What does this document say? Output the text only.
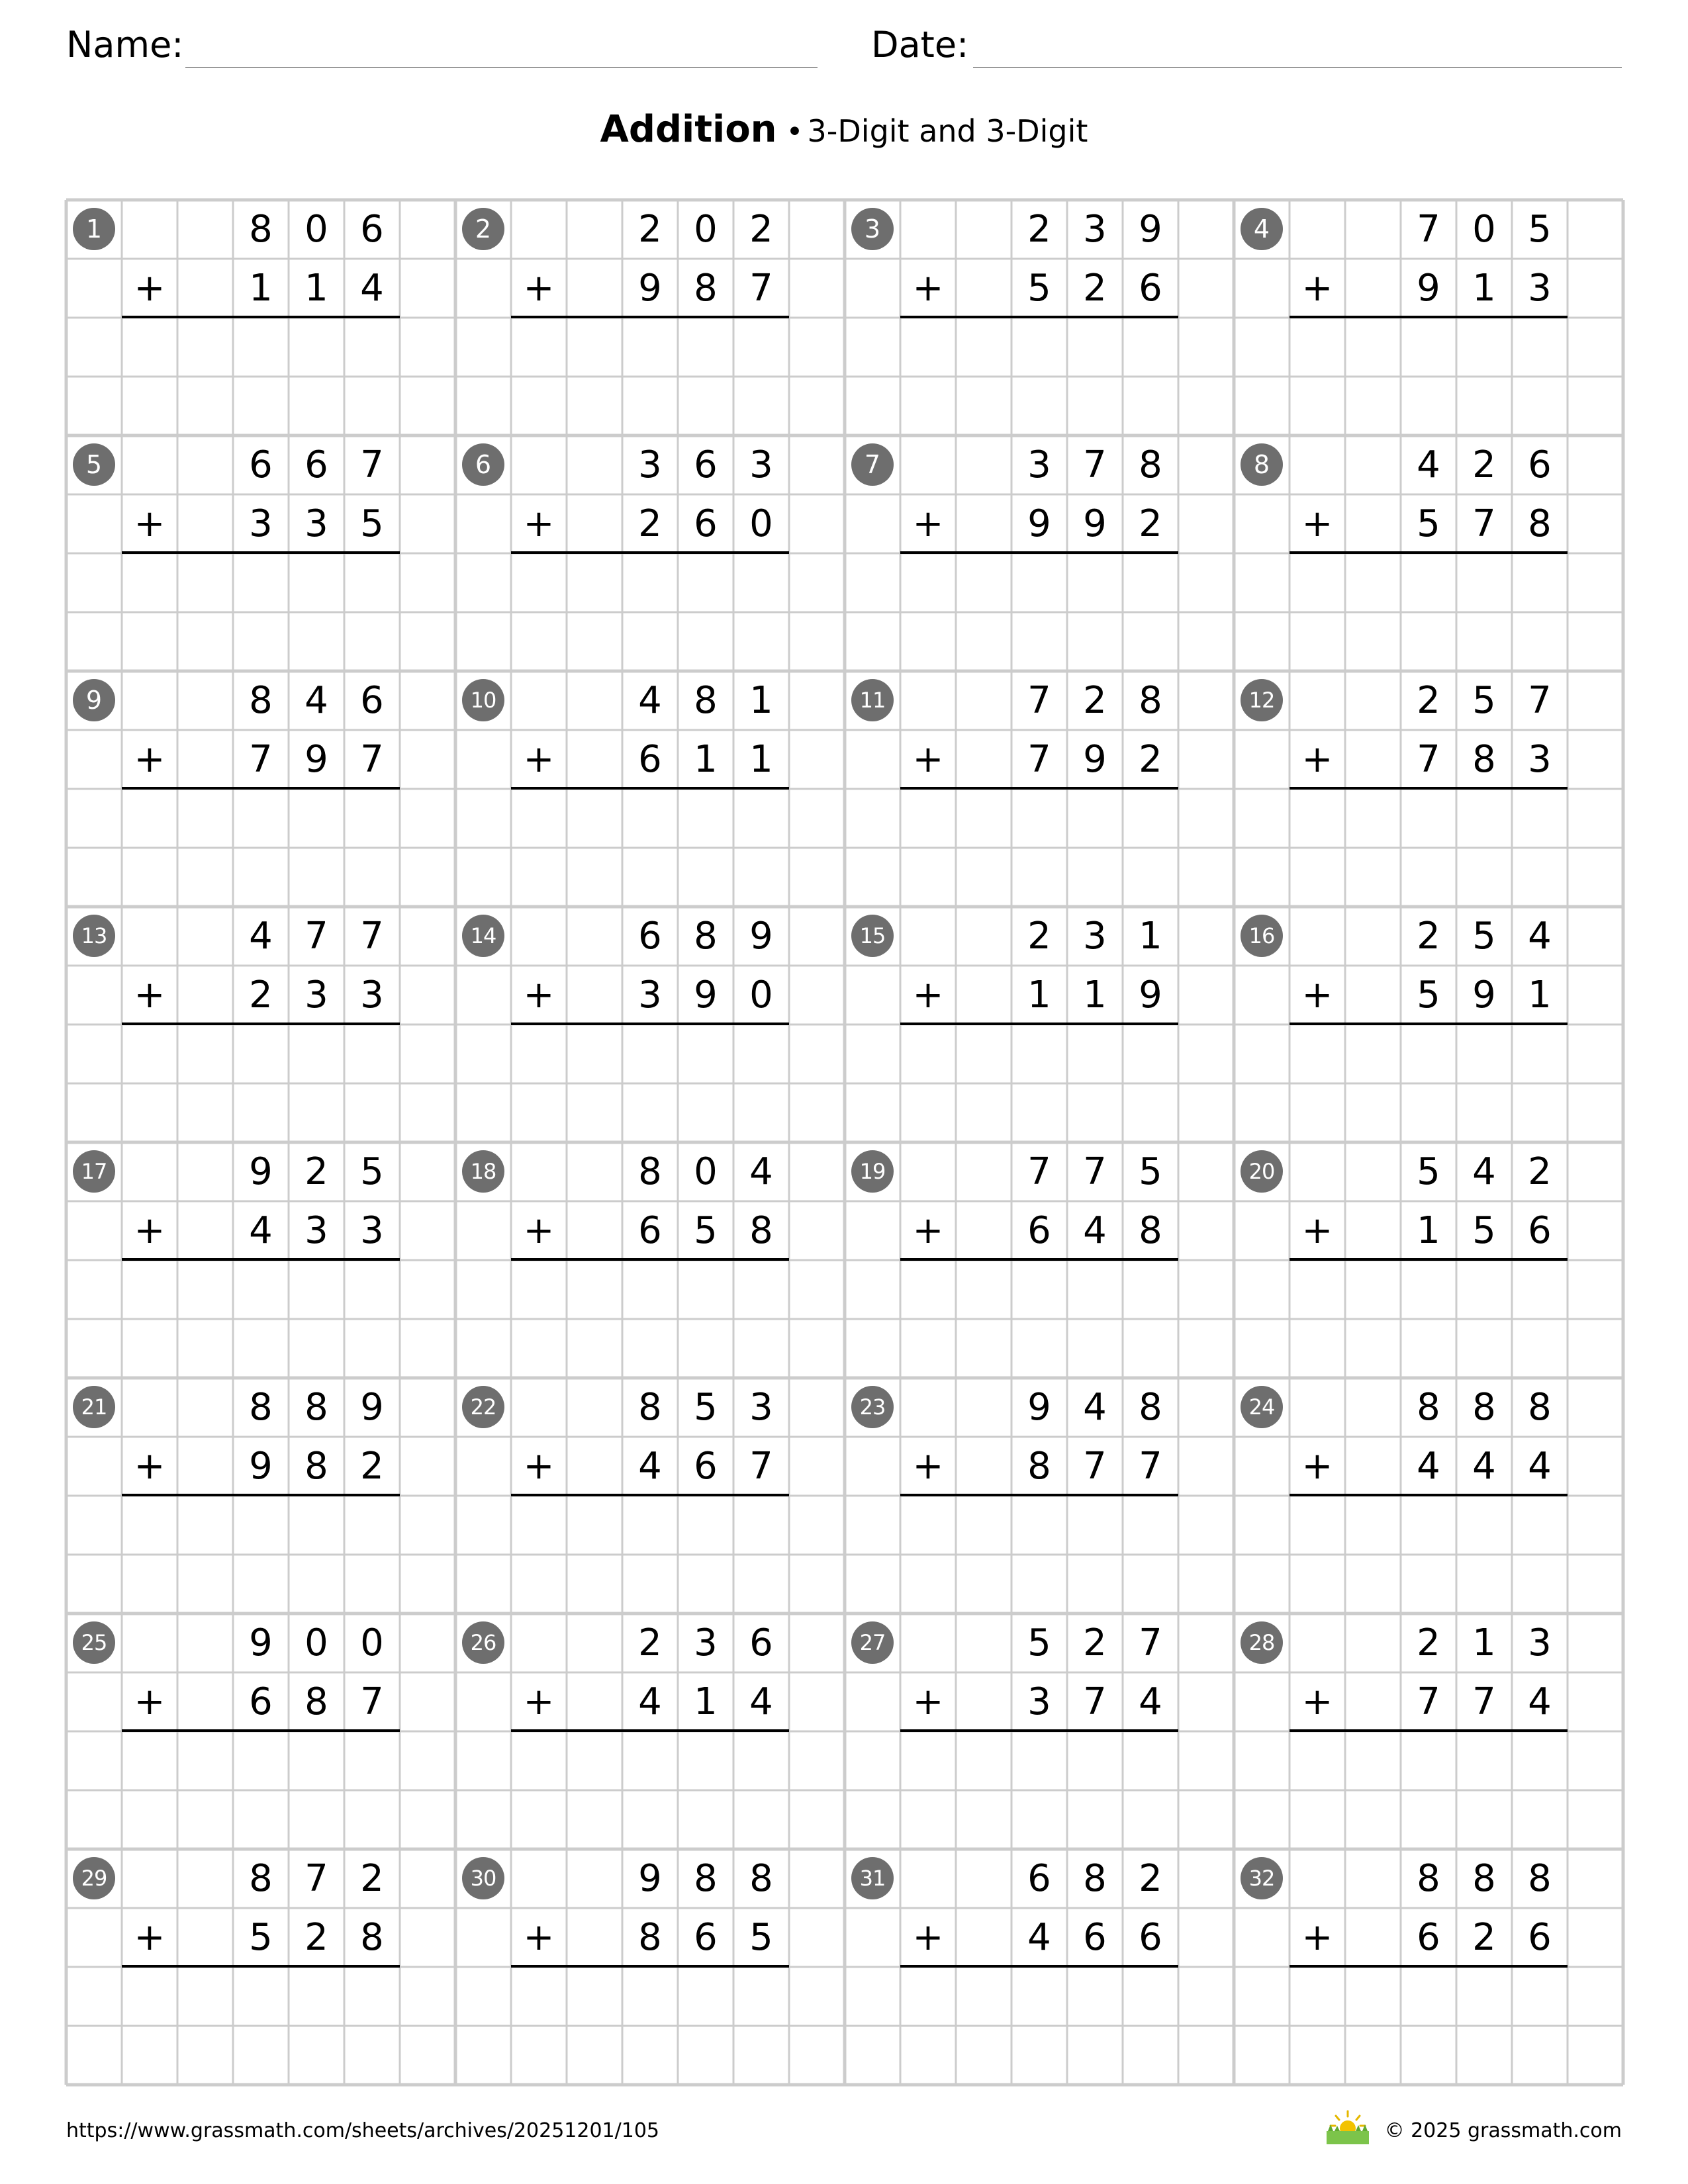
Name:	Date:
Addition • 3-Digit and 3-Digit
1	8 0 6
+	1 1 4
2	2 0 2
+	9 8 7
3	2 3 9
+	5 2 6
4	7 0 5
+	9 1 3
5	6 6 7
+	3 3 5
6	3 6 3
+	2 6 0
7	3 7 8
+	9 9 2
8	4 2 6
+	5 7 8
9	8 4 6
+	7 9 7
10	4 8 1
+	6 1 1
11	7 2 8
+	7 9 2
12	2 5 7
+	7 8 3
13	4 7 7
+	2 3 3
14	6 8 9
+	3 9 0
15	2 3 1
+	1 1 9
16	2 5 4
+	5 9 1
17	9 2 5
+	4 3 3
18	8 0 4
+	6 5 8
19	7 7 5
+	6 4 8
20	5 4 2
+	1 5 6
21	8 8 9
+	9 8 2
22	8 5 3
+	4 6 7
23	9 4 8
+	8 7 7
24	8 8 8
+	4 4 4
25	9 0 0
+	6 8 7
26	2 3 6
+	4 1 4
27	5 2 7
+	3 7 4
28	2 1 3
+	7 7 4
29	8 7 2
+	5 2 8
30	9 8 8
+	8 6 5
31	6 8 2
+	4 6 6
32	8 8 8
+	6 2 6
https://www.grassmath.com/sheets/archives/20251201/105	© 2025 grassmath.com
